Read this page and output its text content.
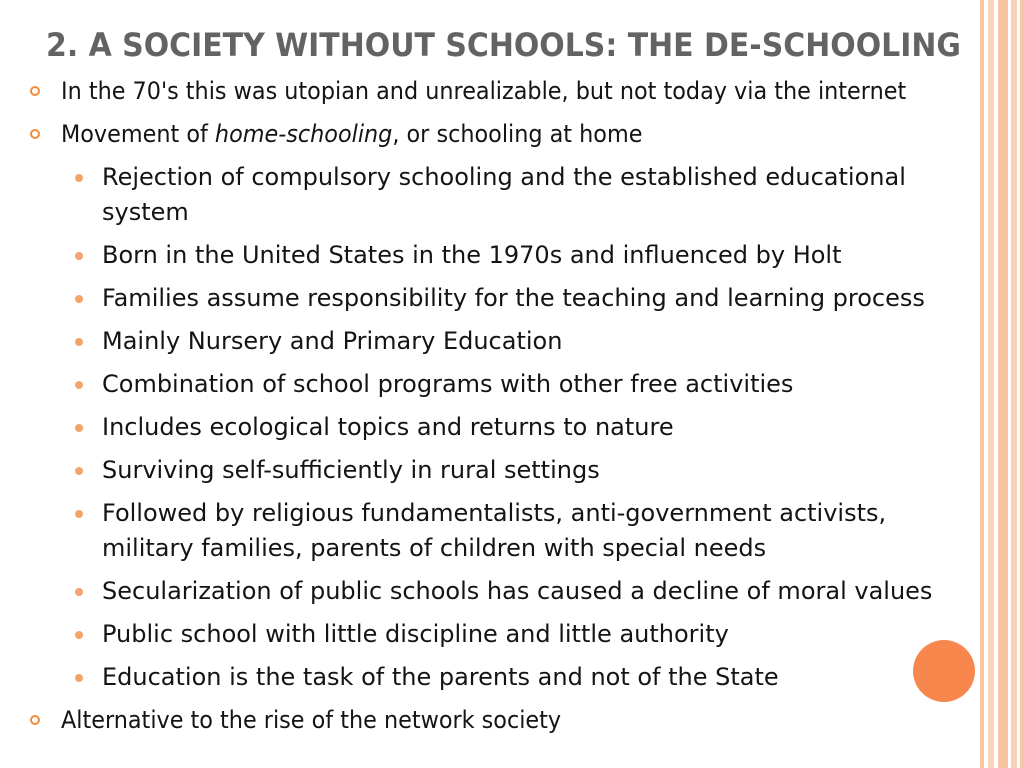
2. A SOCIETY WITHOUT SCHOOLS: THE DE-SCHOOLING
In the 70's this was utopian and unrealizable, but not today via the internet
Movement of home-schooling, or schooling at home
Rejection of compulsory schooling and the established educational system
Born in the United States in the 1970s and influenced by Holt
Families assume responsibility for the teaching and learning process
Mainly Nursery and Primary Education
Combination of school programs with other free activities
Includes ecological topics and returns to nature
Surviving self-sufficiently in rural settings
Followed by religious fundamentalists, anti-government activists, military families, parents of children with special needs
Secularization of public schools has caused a decline of moral values
Public school with little discipline and little authority
Education is the task of the parents and not of the State
Alternative to the rise of the network society
